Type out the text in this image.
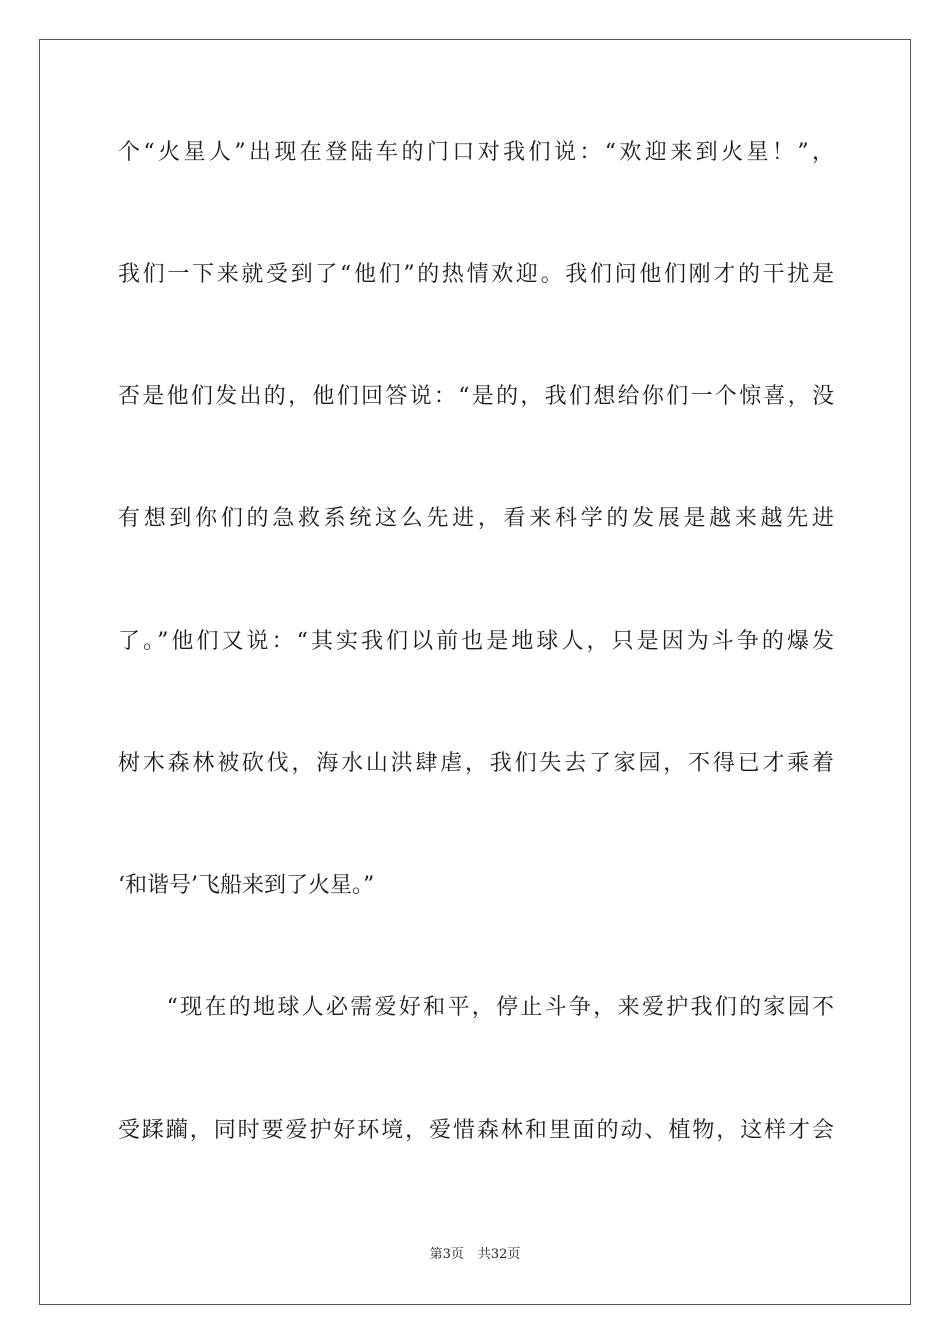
个“火星人”出现在登陆车的门口对我们说：“欢迎来到火星！”，
我们一下来就受到了“他们”的热情欢迎。我们问他们刚才的干扰是
否是他们发出的，他们回答说：“是的，我们想给你们一个惊喜，没
有想到你们的急救系统这么先进，看来科学的发展是越来越先进
了。”他们又说：“其实我们以前也是地球人，只是因为斗争的爆发
树木森林被砍伐，海水山洪肆虐，我们失去了家园，不得已才乘着
‘和谐号’飞船来到了火星。”
　　“现在的地球人必需爱好和平，停止斗争，来爱护我们的家园不
受蹂躏，同时要爱护好环境，爱惜森林和里面的动、植物，这样才会
第3页 共32页
